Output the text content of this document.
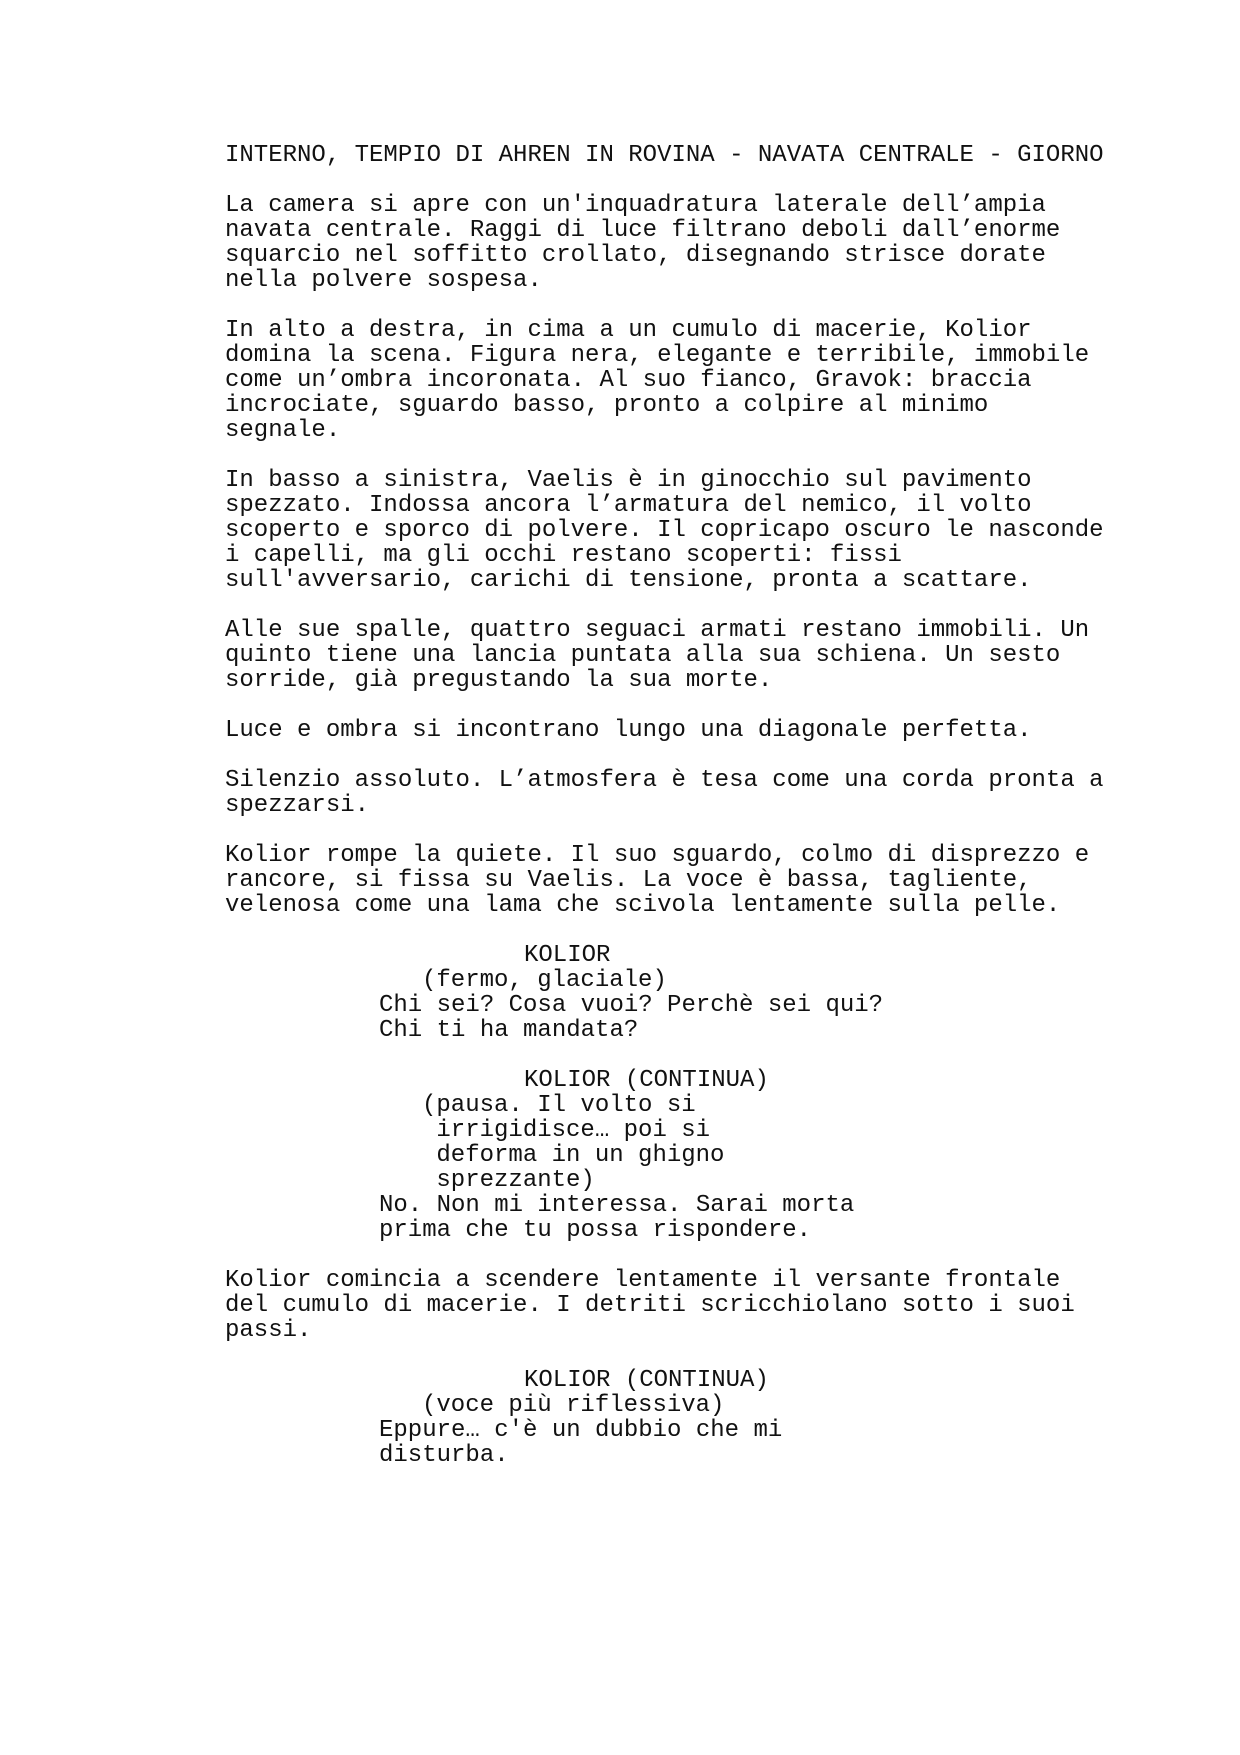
INTERNO, TEMPIO DI AHREN IN ROVINA - NAVATA CENTRALE - GIORNO
La camera si apre con un'inquadratura laterale dell’ampia
navata centrale. Raggi di luce filtrano deboli dall’enorme
squarcio nel soffitto crollato, disegnando strisce dorate
nella polvere sospesa.
In alto a destra, in cima a un cumulo di macerie, Kolior
domina la scena. Figura nera, elegante e terribile, immobile
come un’ombra incoronata. Al suo fianco, Gravok: braccia
incrociate, sguardo basso, pronto a colpire al minimo
segnale.
In basso a sinistra, Vaelis è in ginocchio sul pavimento
spezzato. Indossa ancora l’armatura del nemico, il volto
scoperto e sporco di polvere. Il copricapo oscuro le nasconde
i capelli, ma gli occhi restano scoperti: fissi
sull'avversario, carichi di tensione, pronta a scattare.
Alle sue spalle, quattro seguaci armati restano immobili. Un
quinto tiene una lancia puntata alla sua schiena. Un sesto
sorride, già pregustando la sua morte.
Luce e ombra si incontrano lungo una diagonale perfetta.
Silenzio assoluto. L’atmosfera è tesa come una corda pronta a
spezzarsi.
Kolior rompe la quiete. Il suo sguardo, colmo di disprezzo e
rancore, si fissa su Vaelis. La voce è bassa, tagliente,
velenosa come una lama che scivola lentamente sulla pelle.
KOLIOR
(fermo, glaciale)
Chi sei? Cosa vuoi? Perchè sei qui?
Chi ti ha mandata?
KOLIOR (CONTINUA)
(pausa. Il volto si
irrigidisce… poi si
deforma in un ghigno
sprezzante)
No. Non mi interessa. Sarai morta
prima che tu possa rispondere.
Kolior comincia a scendere lentamente il versante frontale
del cumulo di macerie. I detriti scricchiolano sotto i suoi
passi.
KOLIOR (CONTINUA)
(voce più riflessiva)
Eppure… c'è un dubbio che mi
disturba.
